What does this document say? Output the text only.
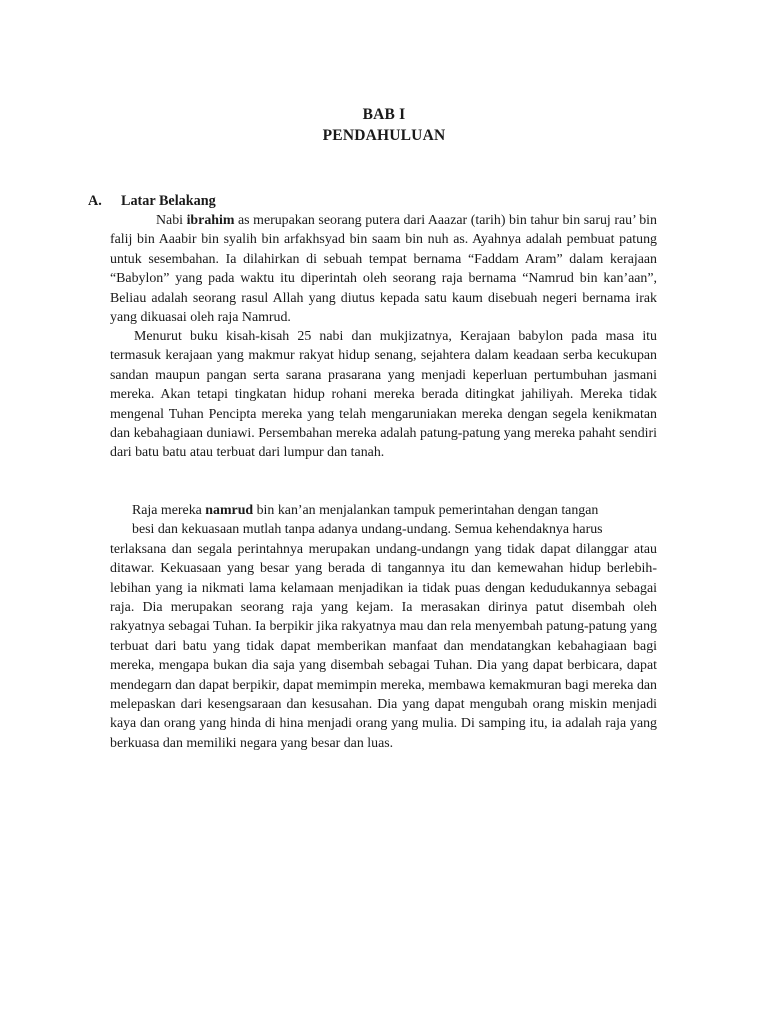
BAB I
PENDAHULUAN
A. Latar Belakang

Nabi ibrahim as merupakan seorang putera dari Aaazar (tarih) bin tahur bin saruj rau’ bin falij bin Aaabir bin syalih bin arfakhsyad bin saam bin nuh as. Ayahnya adalah pembuat patung untuk sesembahan. Ia dilahirkan di sebuah tempat bernama “Faddam Aram” dalam kerajaan “Babylon” yang pada waktu itu diperintah oleh seorang raja bernama “Namrud bin kan’aan”, Beliau adalah seorang rasul Allah yang diutus kepada satu kaum disebuah negeri bernama irak yang dikuasai oleh raja Namrud.

Menurut buku kisah-kisah 25 nabi dan mukjizatnya, Kerajaan babylon pada masa itu termasuk kerajaan yang makmur rakyat hidup senang, sejahtera dalam keadaan serba kecukupan sandan maupun pangan serta sarana prasarana yang menjadi keperluan pertumbuhan jasmani mereka. Akan tetapi tingkatan hidup rohani mereka berada ditingkat jahiliyah. Mereka tidak mengenal Tuhan Pencipta mereka yang telah mengaruniakan mereka dengan segela kenikmatan dan kebahagiaan duniawi. Persembahan mereka adalah patung-patung yang mereka pahaht sendiri dari batu batu atau terbuat dari lumpur dan tanah.

Raja mereka namrud bin kan’an menjalankan tampuk pemerintahan dengan tangan

besi dan kekuasaan mutlah tanpa adanya undang-undang. Semua kehendaknya harus

terlaksana dan segala perintahnya merupakan undang-undangn yang tidak dapat dilanggar atau ditawar. Kekuasaan yang besar yang berada di tangannya itu dan kemewahan hidup berlebih-lebihan yang ia nikmati lama kelamaan menjadikan ia tidak puas dengan kedudukannya sebagai raja. Dia merupakan seorang raja yang kejam. Ia merasakan dirinya patut disembah oleh rakyatnya sebagai Tuhan. Ia berpikir jika rakyatnya mau dan rela menyembah patung-patung yang terbuat dari batu yang tidak dapat memberikan manfaat dan mendatangkan kebahagiaan bagi mereka, mengapa bukan dia saja yang disembah sebagai Tuhan. Dia yang dapat berbicara, dapat mendegarn dan dapat berpikir, dapat memimpin mereka, membawa kemakmuran bagi mereka dan melepaskan dari kesengsaraan dan kesusahan. Dia yang dapat mengubah orang miskin menjadi kaya dan orang yang hinda di hina menjadi orang yang mulia. Di samping itu, ia adalah raja yang berkuasa dan memiliki negara yang besar dan luas.
